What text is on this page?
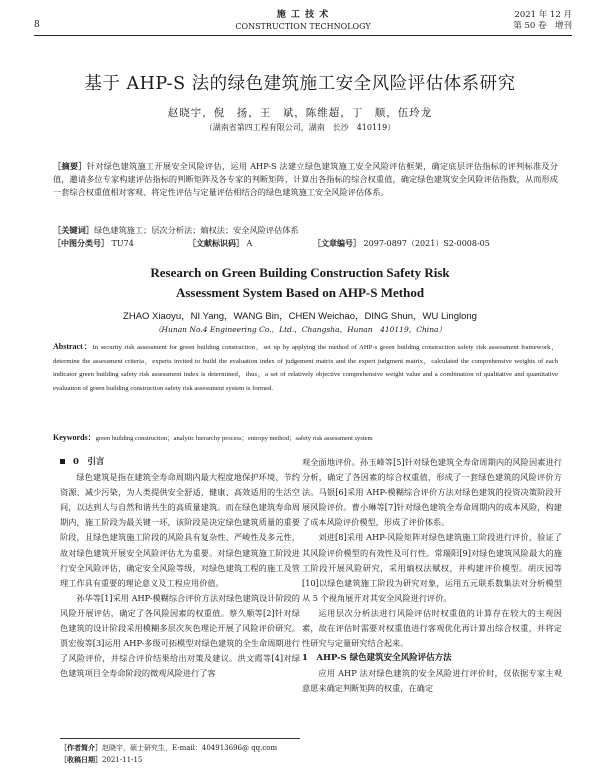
8
施 工 技 术
CONSTRUCTION TECHNOLOGY
2021 年 12 月
第 50 卷　增刊
基于 AHP-S 法的绿色建筑施工安全风险评估体系研究
赵晓宇，倪　扬，王　斌，陈维超，丁　顺，伍玲龙
（湖南省第四工程有限公司，湖南　长沙　410119）
［摘要］针对绿色建筑施工开展安全风险评估，运用 AHP-S 法建立绿色建筑施工安全风险评估框架，确定底层评估指标的评判标准及分值，邀请多位专家构建评估指标的判断矩阵及各专家的判断矩阵，计算出各指标的综合权重值，确定绿色建筑安全风险评估指数，从而形成一套综合权重值相对客观、将定性评估与定量评估相结合的绿色建筑施工安全风险评估体系。
［关键词］绿色建筑施工；层次分析法；熵权法；安全风险评估体系
［中图分类号］ TU74	［文献标识码］ A	［文章编号］ 2097-0897（2021）S2-0008-05
Research on Green Building Construction Safety Risk
Assessment System Based on AHP-S Method
ZHAO Xiaoyu，NI Yang，WANG Bin，CHEN Weichao，DING Shun，WU Linglong
（Hunan No.4 Engineering Co.，Ltd.，Changsha，Hunan　410119，China）
Abstract：In security risk assessment for green building construction，set up by applying the method of AHP-s green building construction safety risk assessment framework，determine the assessment criteria，experts invited to build the evaluation index of judgement matrix and the expert judgment matrix，calculated the comprehensive weights of each indicator green building safety risk assessment index is determined，thus，a set of relatively objective comprehensive weight value and a combination of qualitative and quantitative evaluation of green building construction safety risk assessment system is formed.
Keywords：green building construction；analytic hierarchy process；entropy method；safety risk assessment system
0　引言

绿色建筑是指在建筑全寿命周期内最大程度地保护环境、节约资源、减少污染，为人类提供安全舒适、健康、高效适用的生活空间，以达到人与自然和谐共生的高质量建筑。而在绿色建筑寿命周期内，施工阶段为最关键一环，该阶段是决定绿色建筑质量的重要阶段，且绿色建筑施工阶段的风险具有复杂性、严峻性及多元性，故对绿色建筑开展安全风险评估尤为重要。对绿色建筑施工阶段进行安全风险评估，确定安全风险等级，对绿色建筑工程的施工及管理工作具有重要的理论意义及工程应用价值。

孙华等[1]采用 AHP-模糊综合评价方法对绿色建筑设计阶段的风险开展评估，确定了各风险因素的权重值。蔡久顺等[2]针对绿色建筑的设计阶段采用模糊多层次灰色理论开展了风险评价研究。贾宏俊等[3]运用 AHP-多级可拓模型对绿色建筑的全生命周期进行了风险评价，并综合评价结果给出对策及建议。洪文霞等[4]对绿色建筑项目全寿命阶段的微观风险进行了客

观全面地评价。孙玉峰等[5]针对绿色建筑全寿命周期内的风险因素进行分析，确定了各因素的综合权重值，形成了一套绿色建筑的风险评价方法。马银[6]采用 AHP-模糊综合评价方法对绿色建筑的投资决策阶段开展风险评价。曹小琳等[7]针对绿色建筑全寿命周期内的成本风险，构建了成本风险评价模型，形成了评价体系。

刘进[8]采用 AHP-风险矩阵对绿色建筑施工阶段进行评价，验证了其风险评价模型的有效性及可行性。常瑞阳[9]对绿色建筑风险最大的施工阶段开展风险研究，采用熵权法赋权，并构建评价模型。胡庆园等[10]以绿色建筑施工阶段为研究对象，运用五元联系数集法对分析模型从 5 个视角展开对其安全风险进行评价。

运用层次分析法进行风险评估时权重值的计算存在较大的主观因素，故在评估时需要对权重值进行客观优化再计算出综合权重，并将定性研究与定量研究结合起来。

1　AHP-S 绿色建筑安全风险评估方法

应用 AHP 法对绿色建筑的安全风险进行评价时，仅依据专家主观意愿来确定判断矩阵的权重，在确定

［作者简介］赵晓宇，硕士研究生，E-mail：404913696@ qq.com
［收稿日期］2021-11-15
